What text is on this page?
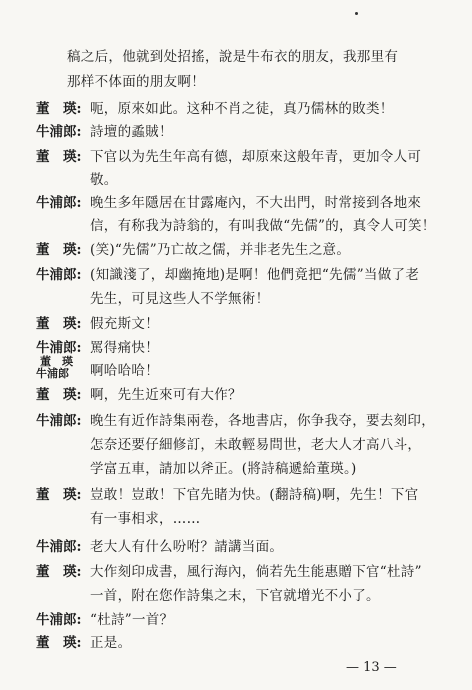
稿之后，他就到处招搖，說是牛布衣的朋友，我那里有
那样不体面的朋友啊！
董　瑛: 呃，原來如此。这种不肖之徒，真乃儒林的敗类！
牛浦郎: 詩壇的蟊賊！
董　瑛: 下官以为先生年高有德，却原來这般年青，更加令人可
敬。
牛浦郎: 晚生多年隱居在甘露庵內，不大出門，时常接到各地來
信，有称我为詩翁的，有叫我做“先儒”的，真令人可笑！
董　瑛: (笑)“先儒”乃亡故之儒，并非老先生之意。
牛浦郎: (知識淺了，却幽掩地)是啊！他們竟把“先儒”当做了老
先生，可見这些人不学無術！
董　瑛: 假充斯文！
牛浦郎: 罵得痛快！
董　瑛
牛浦郎 啊哈哈哈！
董　瑛: 啊，先生近來可有大作？
牛浦郎: 晚生有近作詩集兩卷，各地書店，你争我夺，要去刻印，
怎奈还要仔細修訂，未敢輕易問世，老大人才高八斗，
学富五車，請加以斧正。(將詩稿遞給董瑛。)
董　瑛: 豈敢！豈敢！下官先睹为快。(翻詩稿)啊，先生！下官
有一事相求，……
牛浦郎: 老大人有什么吩咐？請講当面。
董　瑛: 大作刻印成書，風行海內，倘若先生能惠贈下官“杜詩”
一首，附在您作詩集之末，下官就增光不小了。
牛浦郎: “杜詩”一首？
董　瑛: 正是。
— 13 —
